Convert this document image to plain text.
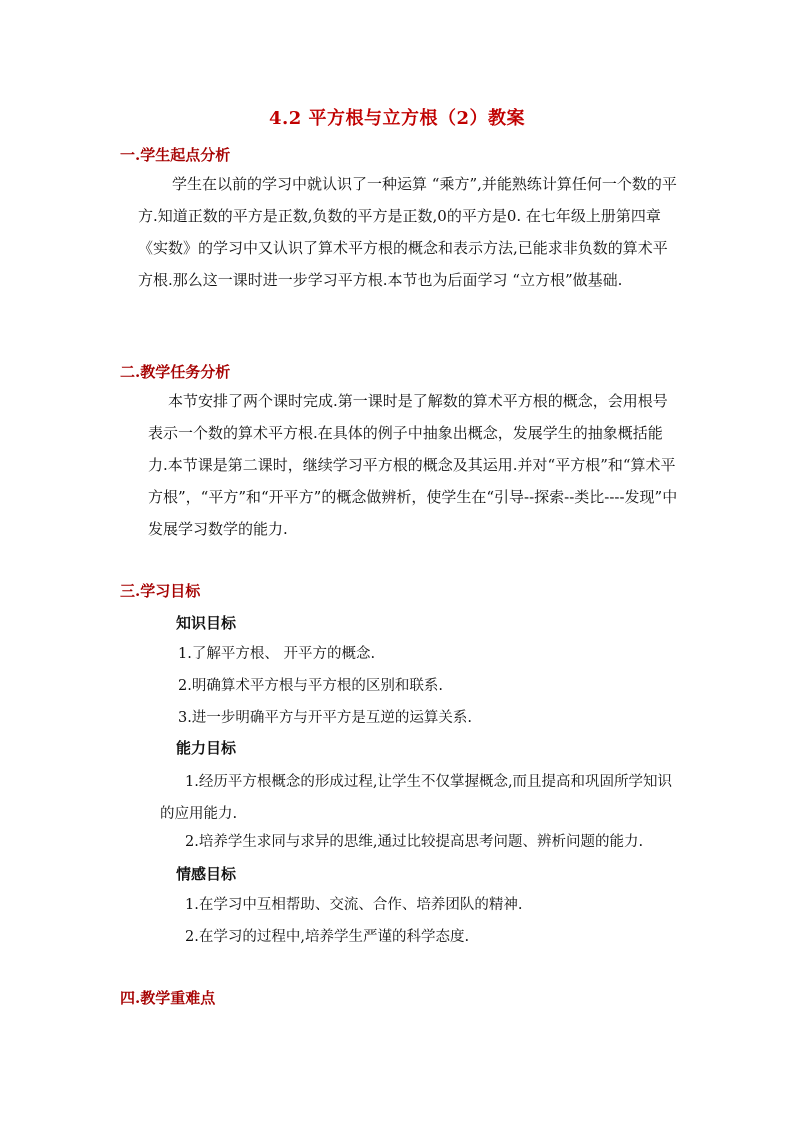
4.2 平方根与立方根（2）教案
一.学生起点分析

学生在以前的学习中就认识了一种运算 “乘方”,并能熟练计算任何一个数的平方.知道正数的平方是正数,负数的平方是正数,0的平方是0. 在七年级上册第四章《实数》的学习中又认识了算术平方根的概念和表示方法,已能求非负数的算术平方根.那么这一课时进一步学习平方根.本节也为后面学习 “立方根”做基础.

二.教学任务分析

本节安排了两个课时完成.第一课时是了解数的算术平方根的概念，会用根号表示一个数的算术平方根.在具体的例子中抽象出概念，发展学生的抽象概括能力.本节课是第二课时，继续学习平方根的概念及其运用.并对“平方根”和“算术平方根”，“平方”和“开平方”的概念做辨析，使学生在“引导--探索--类比----发现”中发展学习数学的能力.

三.学习目标
知识目标

1.了解平方根、 开平方的概念.

2.明确算术平方根与平方根的区别和联系.

3.进一步明确平方与开平方是互逆的运算关系.

能力目标

1.经历平方根概念的形成过程,让学生不仅掌握概念,而且提高和巩固所学知识的应用能力.

2.培养学生求同与求异的思维,通过比较提高思考问题、辨析问题的能力.

情感目标

1.在学习中互相帮助、交流、合作、培养团队的精神.

2.在学习的过程中,培养学生严谨的科学态度.

四.教学重难点
